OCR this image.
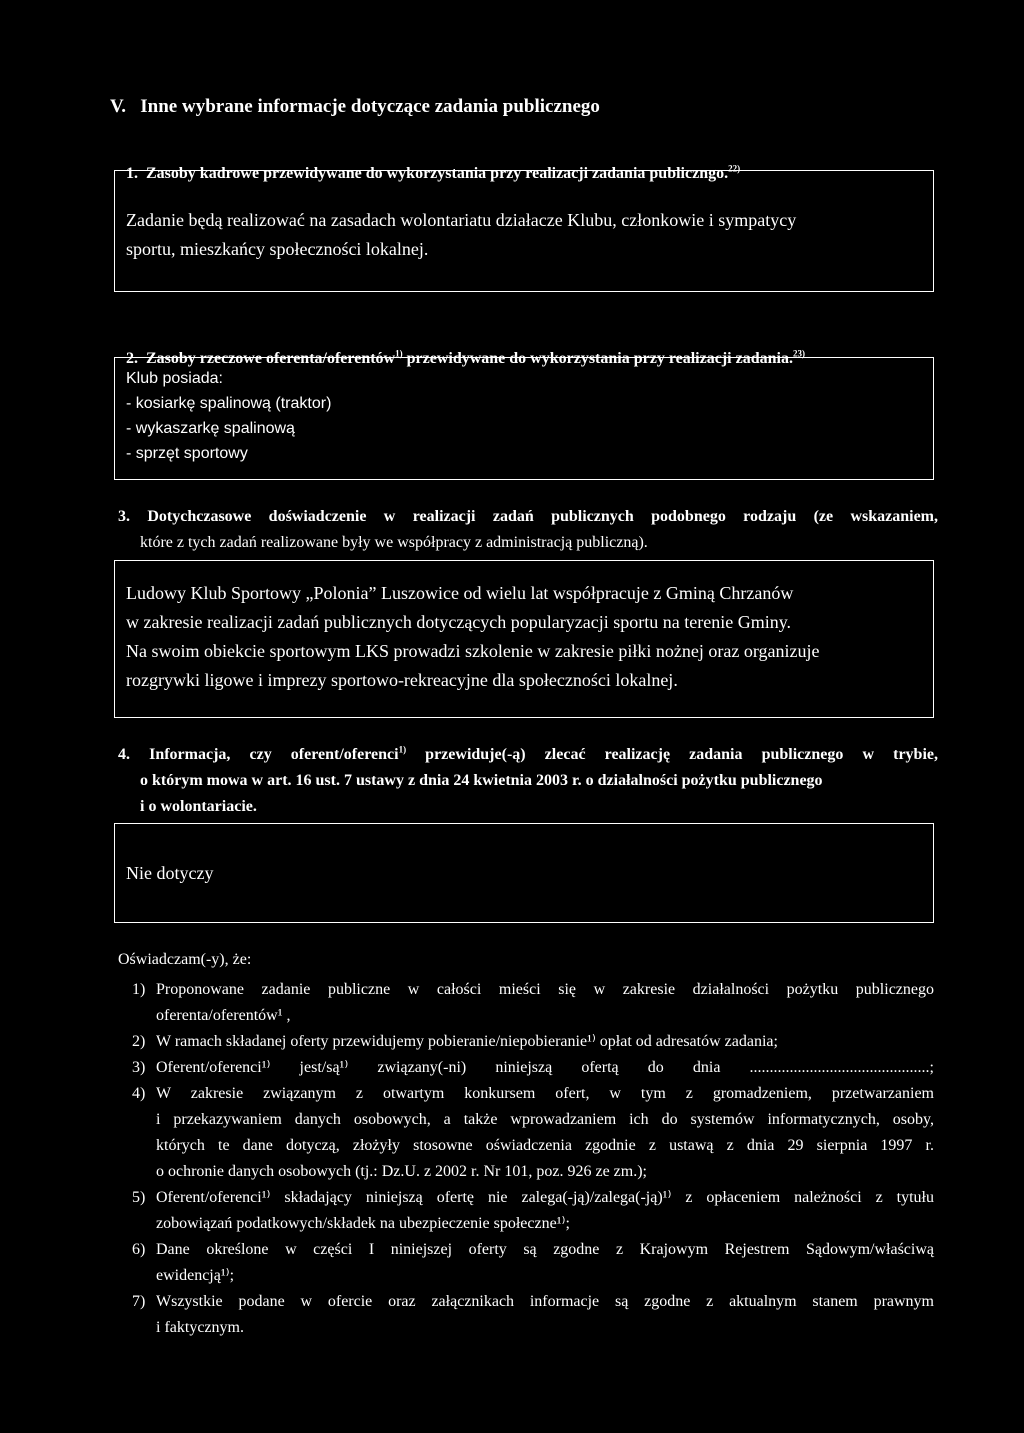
V.   Inne wybrane informacje dotyczące zadania publicznego

1.  Zasoby kadrowe przewidywane do wykorzystania przy realizacji zadania publiczngo.$^{22)}$

Zadanie będą realizować na zasadach wolontariatu działacze Klubu, członkowie i sympatycy
sportu, mieszkańcy społeczności lokalnej.

2.  Zasoby rzeczowe oferenta/oferentów$^{1)}$ przewidywane do wykorzystania przy realizacji zadania.$^{23)}$

Klub posiada:
- kosiarkę spalinową (traktor)
- wykaszarkę spalinową
- sprzęt sportowy
3. Dotychczasowe doświadczenie w realizacji zadań publicznych podobnego rodzaju (ze wskazaniem,
które z tych zadań realizowane były we współpracy z administracją publiczną).
Ludowy Klub Sportowy „Polonia” Luszowice od wielu lat współpracuje z Gminą Chrzanów
w zakresie realizacji zadań publicznych dotyczących popularyzacji sportu na terenie Gminy.
Na swoim obiekcie sportowym LKS prowadzi szkolenie w zakresie piłki nożnej oraz organizuje
rozgrywki ligowe i imprezy sportowo-rekreacyjne dla społeczności lokalnej.
4. Informacja, czy oferent/oferenci$^{1)}$ przewiduje(-ą) zlecać realizację zadania publicznego w trybie,
o którym mowa w art. 16 ust. 7 ustawy z dnia 24 kwietnia 2003 r. o działalności pożytku publicznego
i o wolontariacie.
Nie dotyczy
Oświadczam(-y), że:
1) Proponowane zadanie publiczne w całości mieści się w zakresie działalności pożytku publicznego
oferenta/oferentów¹ ,
2) W ramach składanej oferty przewidujemy pobieranie/niepobieranie¹⁾ opłat od adresatów zadania;
3) Oferent/oferenci¹⁾ jest/są¹⁾ związany(-ni) niniejszą ofertą do dnia .............................................;
4) W zakresie związanym z otwartym konkursem ofert, w tym z gromadzeniem, przetwarzaniem
i przekazywaniem danych osobowych, a także wprowadzaniem ich do systemów informatycznych, osoby,
których te dane dotyczą, złożyły stosowne oświadczenia zgodnie z ustawą z dnia 29 sierpnia 1997 r.
o ochronie danych osobowych (tj.: Dz.U. z 2002 r. Nr 101, poz. 926 ze zm.);
5) Oferent/oferenci¹⁾ składający niniejszą ofertę nie zalega(-ją)/zalega(-ją)¹⁾ z opłaceniem należności z tytułu
zobowiązań podatkowych/składek na ubezpieczenie społeczne¹⁾;
6) Dane określone w części I niniejszej oferty są zgodne z Krajowym Rejestrem Sądowym/właściwą
ewidencją¹⁾;
7) Wszystkie podane w ofercie oraz załącznikach informacje są zgodne z aktualnym stanem prawnym
i faktycznym.
